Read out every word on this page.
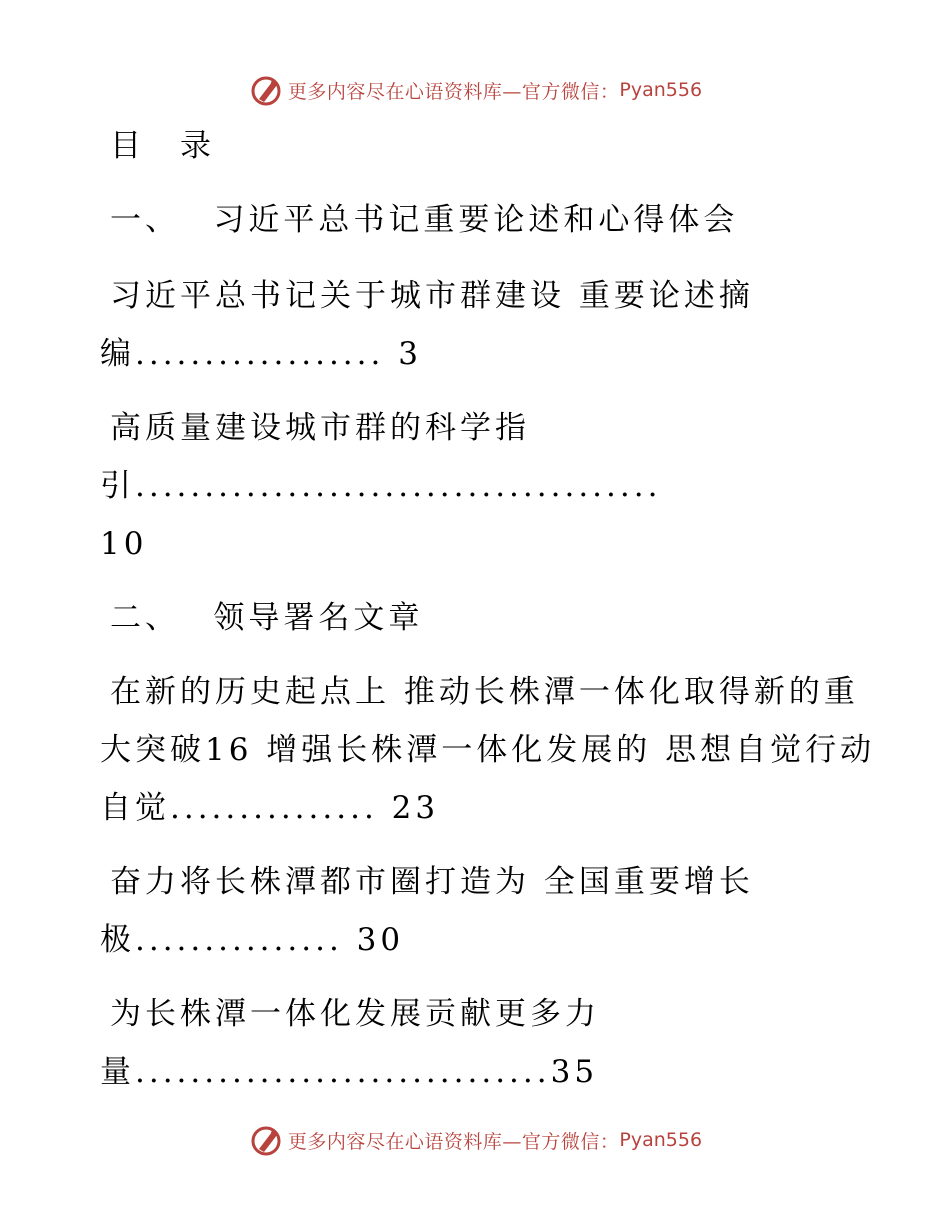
更多内容尽在心语资料库—官方微信： Pyan556
目　录
一、　 习近平总书记重要论述和心得体会
习近平总书记关于城市群建设 重要论述摘
编.................. 3
高质量建设城市群的科学指
引......................................
10
二、　 领导署名文章
在新的历史起点上 推动长株潭一体化取得新的重
大突破16 增强长株潭一体化发展的 思想自觉行动
自觉............... 23
奋力将长株潭都市圈打造为 全国重要增长
极............... 30
为长株潭一体化发展贡献更多力
量..............................35
更多内容尽在心语资料库—官方微信： Pyan556
